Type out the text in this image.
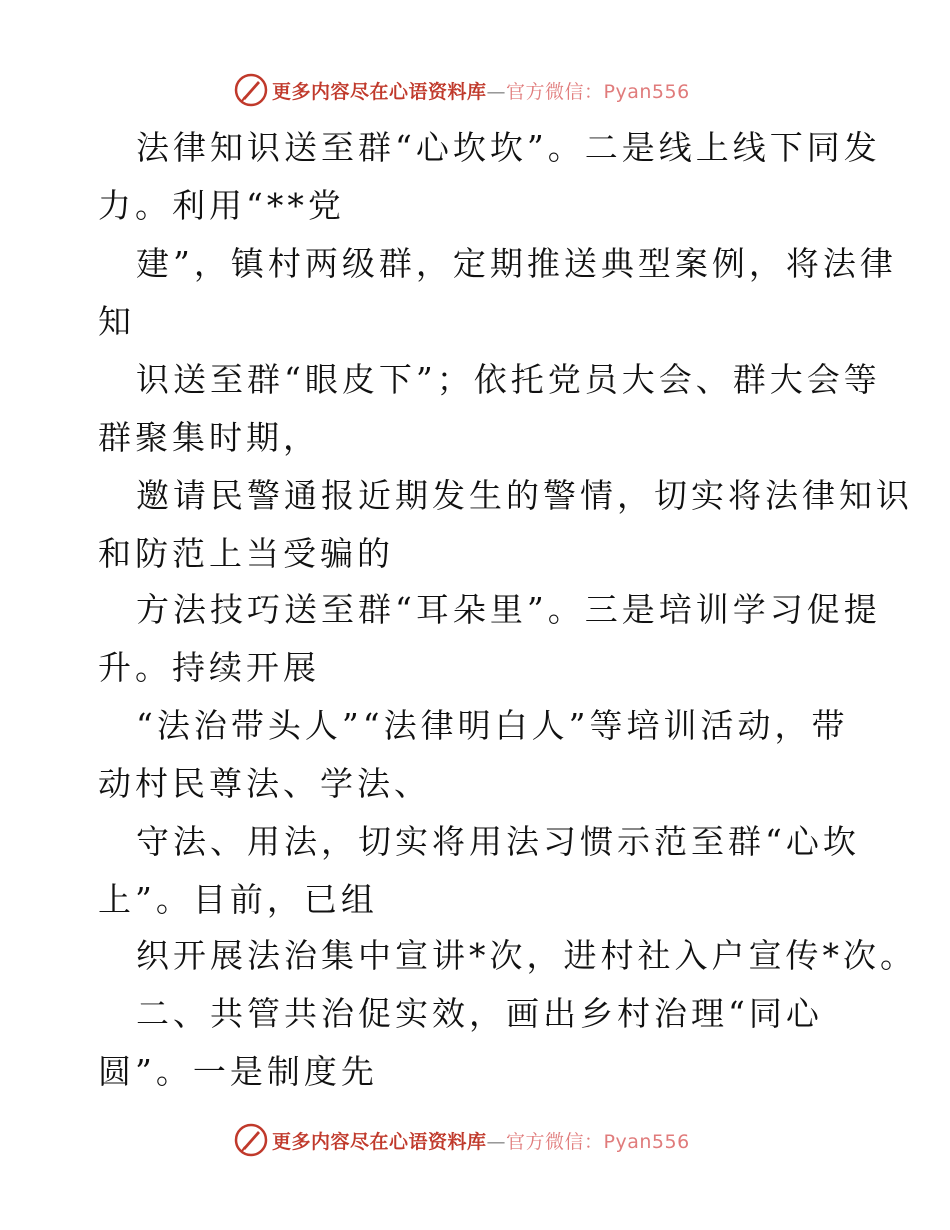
更多内容尽在心语资料库—官方微信：Pyan556
法律知识送至群“心坎坎”。二是线上线下同发
力。利用“**党
建”，镇村两级群，定期推送典型案例，将法律
知
识送至群“眼皮下”；依托党员大会、群大会等
群聚集时期，
邀请民警通报近期发生的警情，切实将法律知识
和防范上当受骗的
方法技巧送至群“耳朵里”。三是培训学习促提
升。持续开展
“法治带头人”“法律明白人”等培训活动，带
动村民尊法、学法、
守法、用法，切实将用法习惯示范至群“心坎
上”。目前，已组
织开展法治集中宣讲*次，进村社入户宣传*次。
二、共管共治促实效，画出乡村治理“同心
圆”。一是制度先
更多内容尽在心语资料库—官方微信：Pyan556
